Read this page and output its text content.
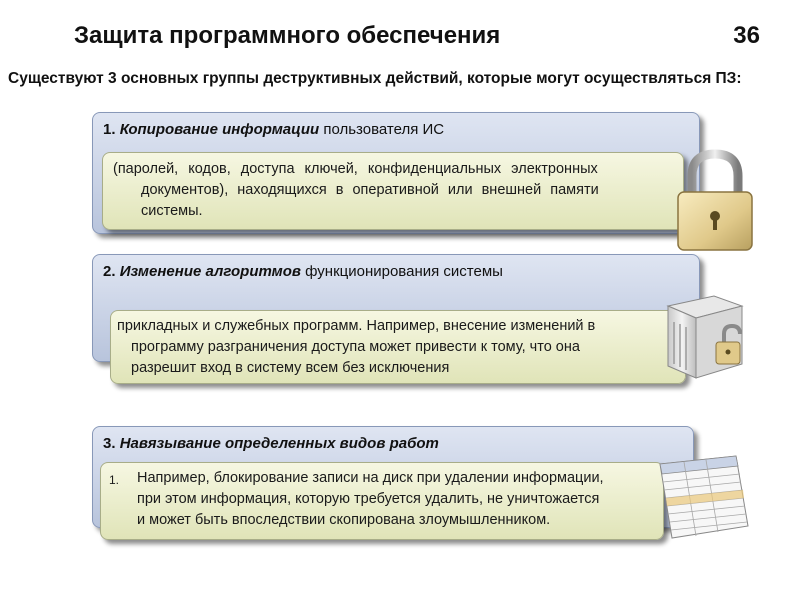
Защита программного обеспечения	36
Существуют 3 основных группы деструктивных действий, которые могут осуществляться ПЗ:
1. Копирование информации пользователя ИС
(паролей, кодов, доступа ключей, конфиденциальных электронных
документов), находящихся в оперативной или внешней памяти
системы.
2. Изменение алгоритмов функционирования системы
прикладных и служебных программ. Например, внесение изменений в
программу разграничения доступа может привести к тому, что она
разрешит вход в систему всем без исключения
3. Навязывание определенных видов работ
1. Например, блокирование записи на диск при удалении информации,
при этом информация, которую требуется удалить, не уничтожается
и может быть впоследствии скопирована злоумышленником.
